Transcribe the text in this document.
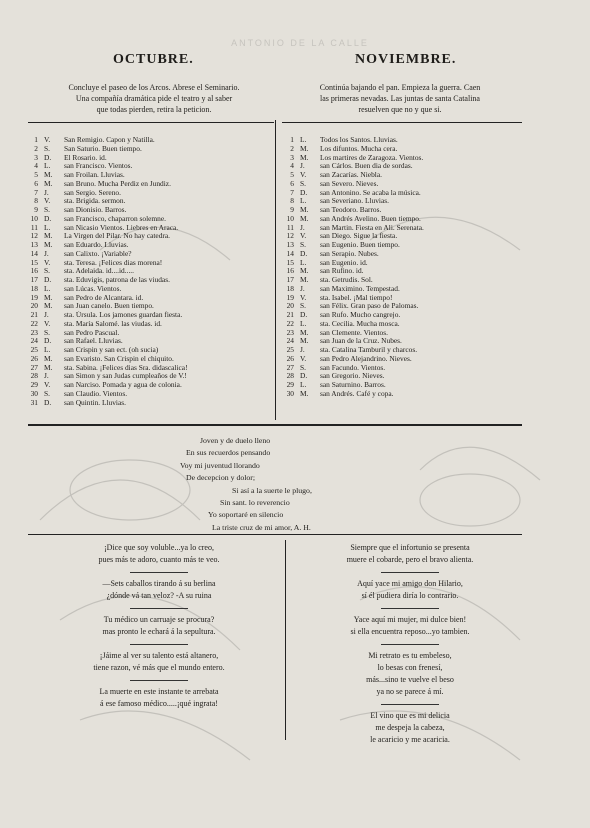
ANTONIO DE LA CALLE
OCTUBRE.	NOVIEMBRE.
Concluye el paseo de los Arcos. Abrese el Seminario.
Una compañía dramática pide el teatro y al saber
que todas pierden, retira la peticion.
Continúa bajando el pan. Empieza la guerra. Caen
las primeras nevadas. Las juntas de santa Catalina
resuelven que no y que si.
1 V.	San Remigio. Capon y Natilla.
2 S.	San Saturio. Buen tiempo.
3 D.	El Rosario. id.
4 L.	san Francisco. Vientos.
5 M.	san Froilan. Lluvias.
6 M.	san Bruno. Mucha Perdiz en Jundiz.
7 J.	san Sergio. Sereno.
8 V.	sta. Brigida. sermon.
9 S.	san Dionisio. Barros.
10 D.	san Francisco, chaparron solemne.
11 L.	san Nicasio Vientos. Liebres en Araca.
12 M.	La Virgen del Pilar. No hay catedra.
13 M.	san Eduardo. Lluvias.
14 J.	san Calixto. ¡Variable?
15 V.	sta. Teresa. ¡Felices dias morena!
16 S.	sta. Adelaida. id....id.....
17 D.	sta. Eduvigis, patrona de las viudas.
18 L.	san Lúcas. Vientos.
19 M.	san Pedro de Alcantara. id.
20 M.	san Juan canelo. Buen tiempo.
21 J.	sta. Úrsula. Los jamones guardan fiesta.
22 V.	sta. María Salomé. las viudas. id.
23 S.	san Pedro Pascual.
24 D.	san Rafael. Lluvias.
25 L.	san Crispin y san ect. (oh sucia)
26 M.	san Evaristo. San Crispin el chiquito.
27 M.	sta. Sabina. ¡Felices dias Sra. didascalica!
28 J.	san Simon y san Judas cumpleaños de V.!
29 V.	san Narciso. Pomada y agua de colonia.
30 S.	san Claudio. Vientos.
31 D.	san Quintin. Lluvias.
1 L.	Todos los Santos. Lluvias.
2 M.	Los difuntos. Mucha cera.
3 M.	Los martires de Zaragoza. Vientos.
4 J.	san Cárlos. Buen dia de sordas.
5 V.	san Zacarías. Niebla.
6 S.	san Severo. Nieves.
7 D.	san Antonino. Se acaba la música.
8 L.	san Severiano. Lluvias.
9 M.	san Teodoro. Barros.
10 M.	san Andrés Avelino. Buen tiempo.
11 J.	san Martin. Fiesta en Ali. Serenata.
12 V.	san Diego. Sigue la fiesta.
13 S.	san Eugenio. Buen tiempo.
14 D.	san Serapio. Nubes.
15 L.	san Eugenio. id.
16 M.	san Rufino. id.
17 M.	sta. Getrudis. Sol.
18 J.	san Maximino. Tempestad.
19 V.	sta. Isabel. ¡Mal tiempo!
20 S.	san Félix. Gran paso de Palomas.
21 D.	san Rufo. Mucho cangrejo.
22 L.	sta. Cecilia. Mucha mosca.
23 M.	san Clemente. Vientos.
24 M.	san Juan de la Cruz. Nubes.
25 J.	sta. Catalina Tamburil y charcos.
26 V.	san Pedro Alejandrino. Nieves.
27 S.	san Facundo. Vientos.
28 D.	san Gregorio. Nieves.
29 L.	san Saturnino. Barros.
30 M.	san Andrés. Café y copa.
Joven y de duelo lleno
En sus recuerdos pensando
Voy mi juventud llorando
De decepcion y dolor;
Si así a la suerte le plugo,
Sin sant. lo reverencio
Yo soportaré en silencio
La triste cruz de mi amor, A. H.
¡Dice que soy voluble...ya lo creo,
pues más te adoro, cuanto más te veo.
—Sets caballos tirando á su berlina
¿dónde vá tan veloz? -A su ruina
Tu médico un carruaje se procura?
mas pronto le echará á la sepultura.
¡Jáime al ver su talento está altanero,
tiene razon, vé más que el mundo entero.
La muerte en este instante te arrebata
á ese famoso médico.....¡qué ingrata!
Siempre que el infortunio se presenta
muere el cobarde, pero el bravo alienta.
Aquí yace mi amigo don Hilario,
sí él pudiera diría lo contrario.
Yace aquí mi mujer, mi dulce bien!
si ella encuentra reposo...yo tambien.
Mi retrato es tu embeleso,
lo besas con frenesí,
más...sino te vuelve el beso
ya no se parece á mí.
El vino que es mi delicia
me despeja la cabeza,
le acaricio y me acaricia.
